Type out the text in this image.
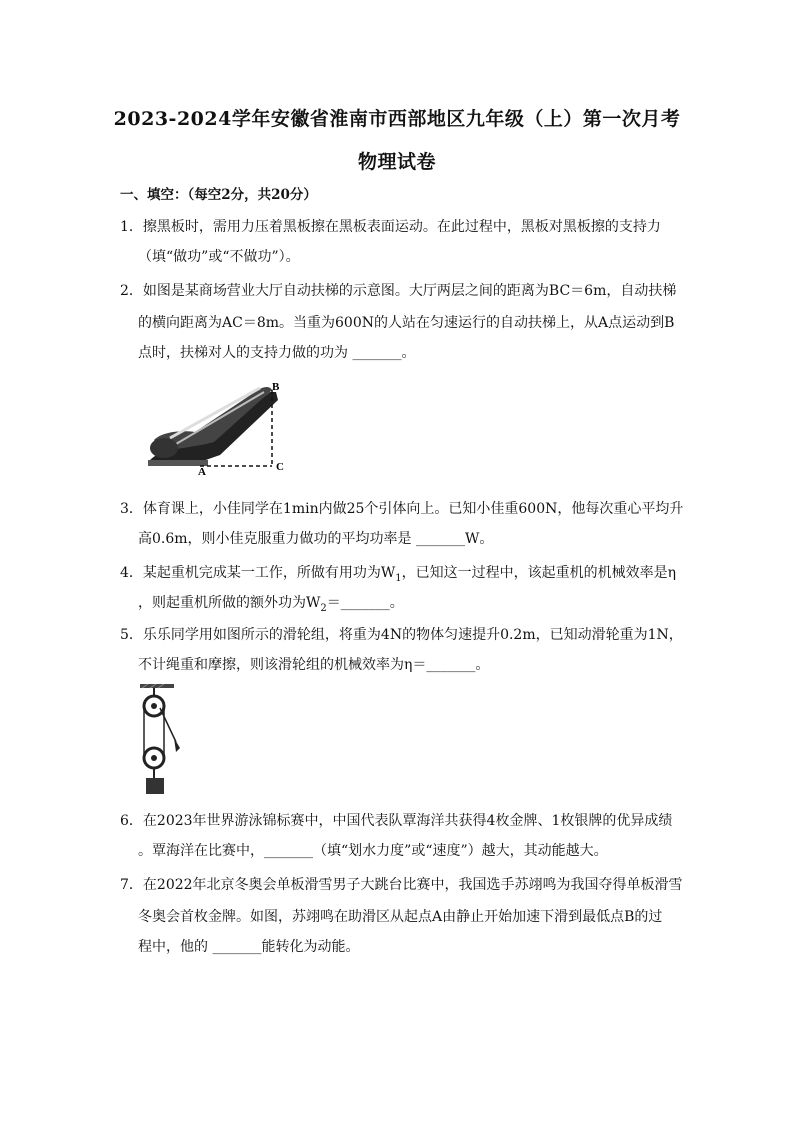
2023-2024学年安徽省淮南市西部地区九年级（上）第一次月考
物理试卷
一、填空：（每空2分，共20分）
1．擦黑板时，需用力压着黑板擦在黑板表面运动。在此过程中，黑板对黑板擦的支持力
（填“做功”或“不做功”）。
2．如图是某商场营业大厅自动扶梯的示意图。大厅两层之间的距离为BC＝6m，自动扶梯
的横向距离为AC＝8m。当重为600N的人站在匀速运行的自动扶梯上，从A点运动到B
点时，扶梯对人的支持力做的功为 _______。
A
B
C
3．体育课上，小佳同学在1min内做25个引体向上。已知小佳重600N，他每次重心平均升
高0.6m，则小佳克服重力做功的平均功率是 _______W。
4．某起重机完成某一工作，所做有用功为$W_1$，已知这一过程中，该起重机的机械效率是η
，则起重机所做的额外功为$W_2=\_\_\_\_\_\_\_$。
5．乐乐同学用如图所示的滑轮组，将重为4N的物体匀速提升0.2m，已知动滑轮重为1N，
不计绳重和摩擦，则该滑轮组的机械效率为η＝_______。
6．在2023年世界游泳锦标赛中，中国代表队覃海洋共获得4枚金牌、1枚银牌的优异成绩
。覃海洋在比赛中，_______（填“划水力度”或“速度”）越大，其动能越大。
7．在2022年北京冬奥会单板滑雪男子大跳台比赛中，我国选手苏翊鸣为我国夺得单板滑雪
冬奥会首枚金牌。如图，苏翊鸣在助滑区从起点A由静止开始加速下滑到最低点B的过
程中，他的 _______能转化为动能。
